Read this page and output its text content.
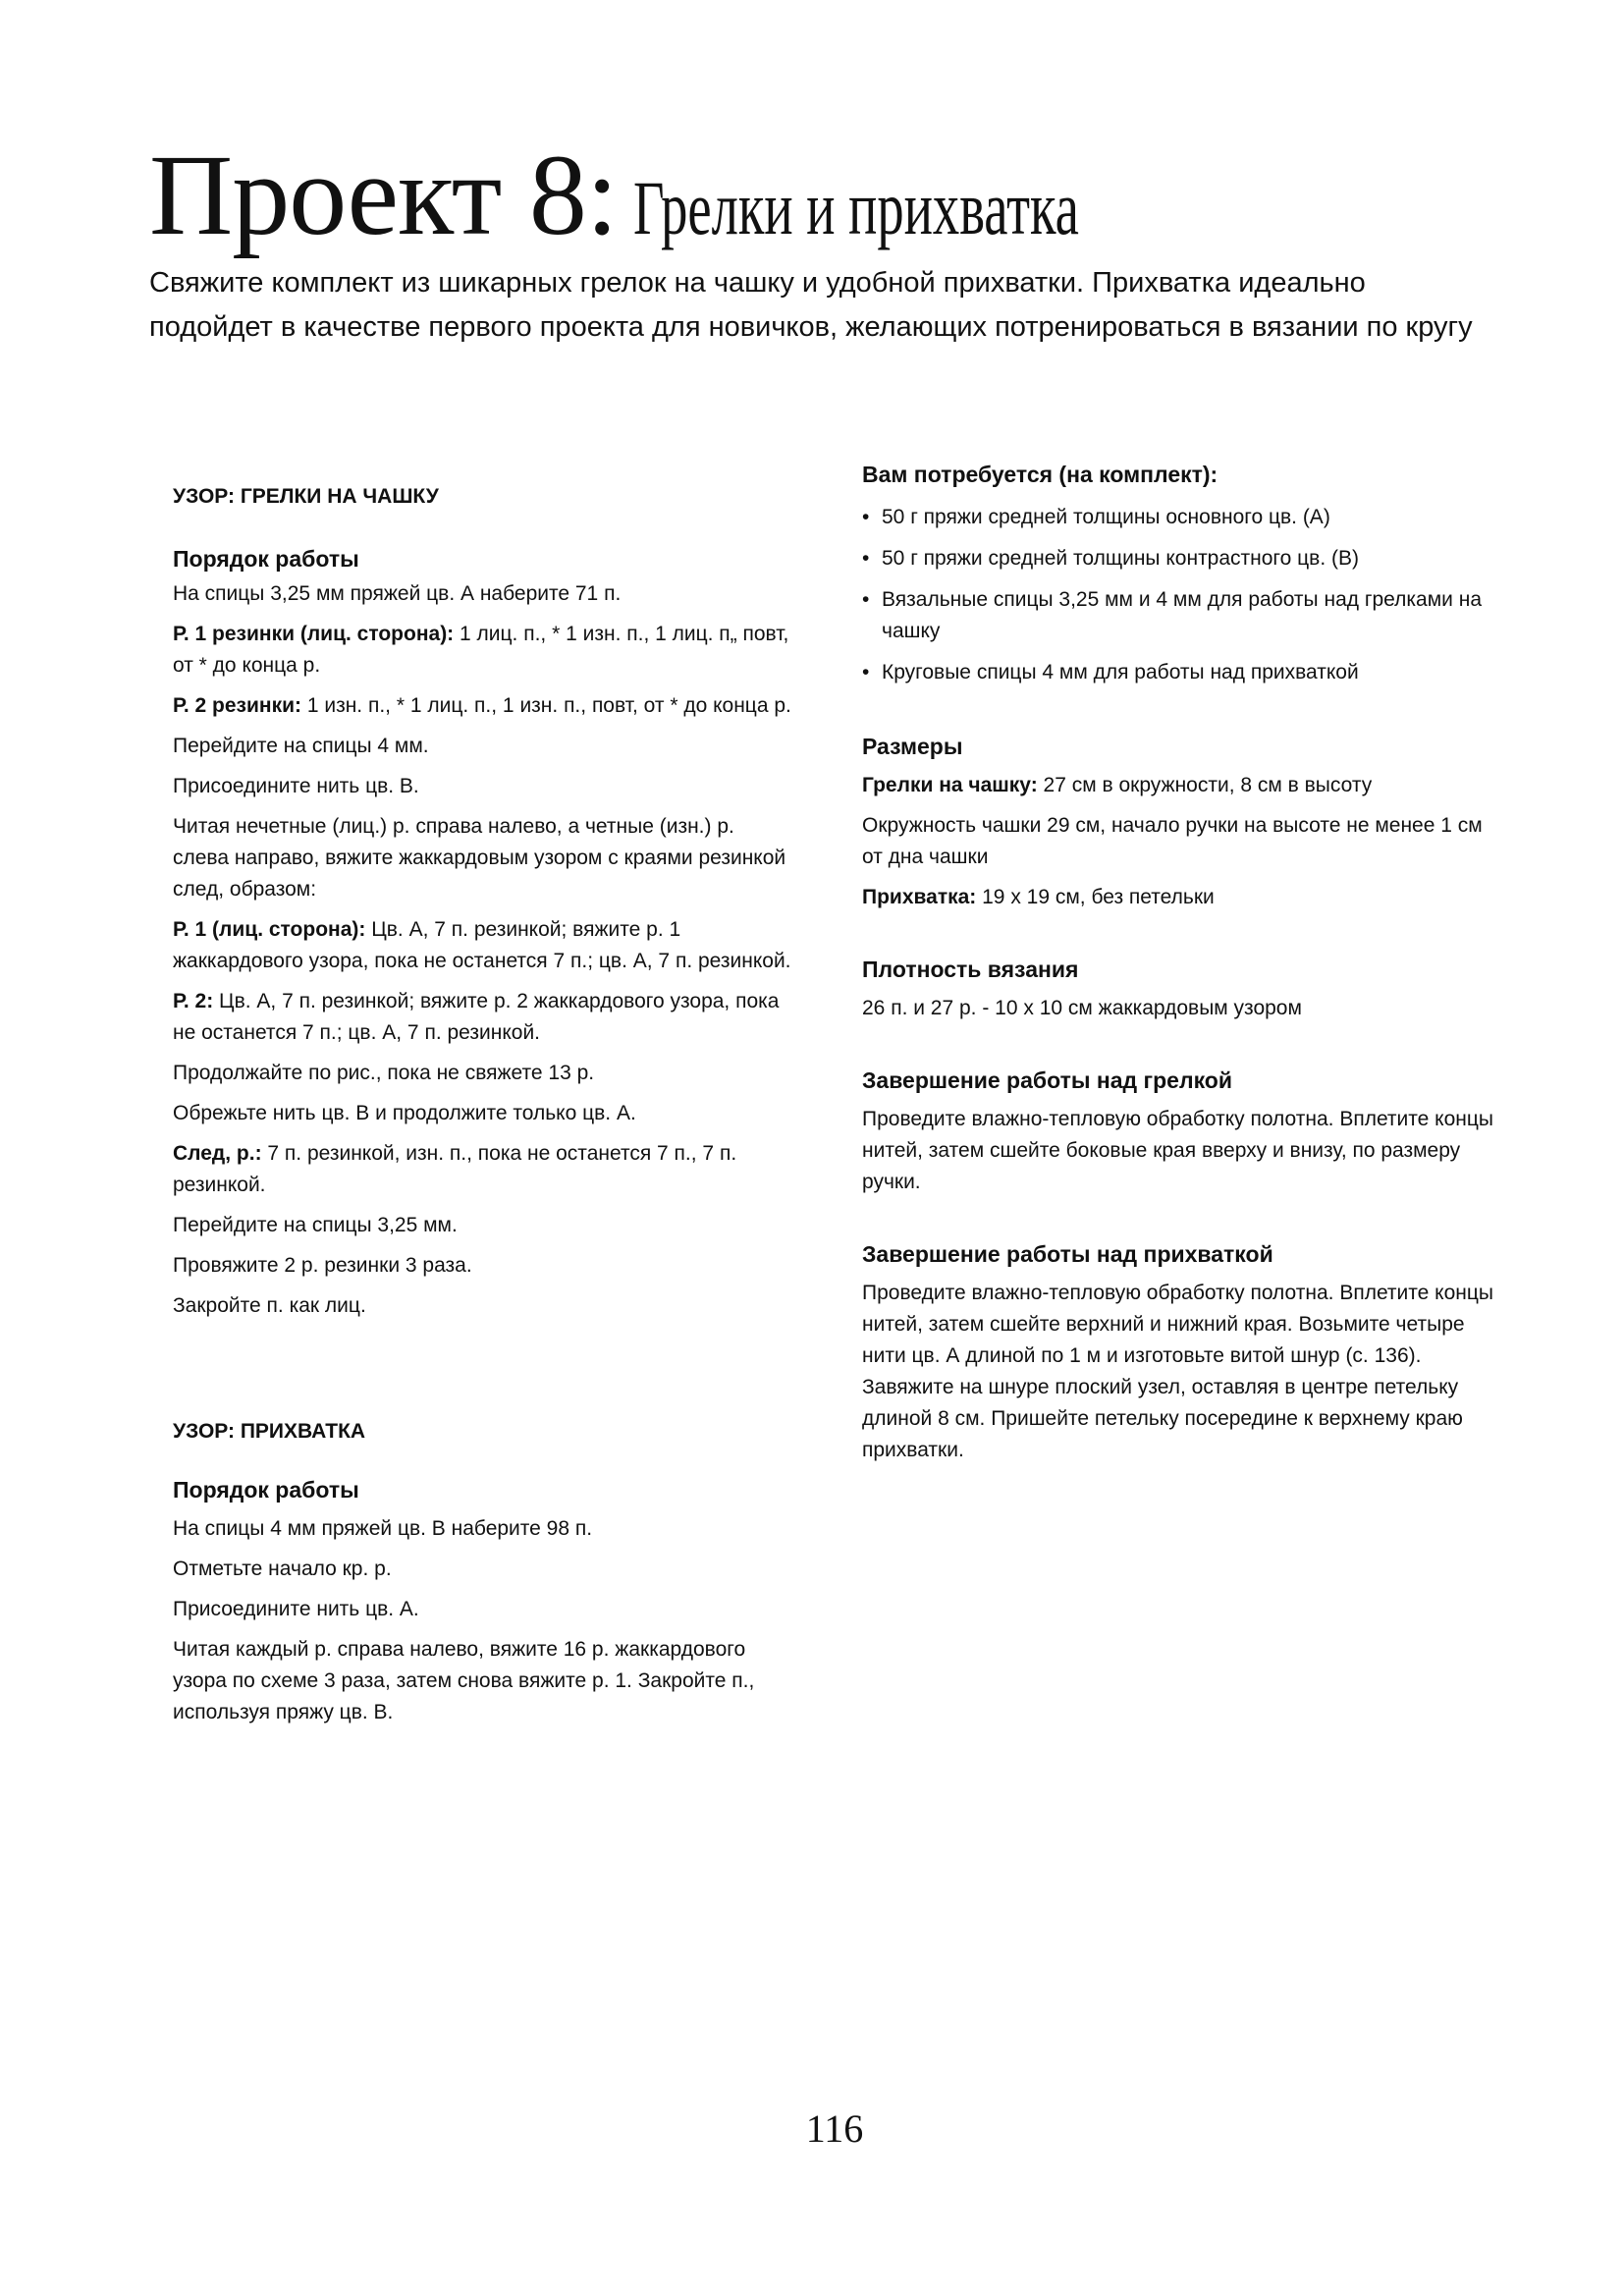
Проект 8: Грелки и прихватка

Свяжите комплект из шикарных грелок на чашку и удобной прихватки. Прихватка идеально подойдет в качестве первого проекта для новичков, желающих потренироваться в вязании по кругу

УЗОР: ГРЕЛКИ НА ЧАШКУ

Порядок работы

На спицы 3,25 мм пряжей цв. А наберите 71 п.

Р. 1 резинки (лиц. сторона): 1 лиц. п., * 1 изн. п., 1 лиц. п„ повт, от * до конца р.

Р. 2 резинки: 1 изн. п., * 1 лиц. п., 1 изн. п., повт, от * до конца р.

Перейдите на спицы 4 мм.

Присоедините нить цв. В.

Читая нечетные (лиц.) р. справа налево, а четные (изн.) р. слева направо, вяжите жаккардовым узором с краями резинкой след, образом:

Р. 1 (лиц. сторона): Цв. А, 7 п. резинкой; вяжите р. 1 жаккардового узора, пока не останется 7 п.; цв. А, 7 п. резинкой.

Р. 2: Цв. А, 7 п. резинкой; вяжите р. 2 жаккардового узора, пока не останется 7 п.; цв. А, 7 п. резинкой.

Продолжайте по рис., пока не свяжете 13 р.

Обрежьте нить цв. В и продолжите только цв. А.

След, р.: 7 п. резинкой, изн. п., пока не останется 7 п., 7 п. резинкой.

Перейдите на спицы 3,25 мм.

Провяжите 2 р. резинки 3 раза.

Закройте п. как лиц.

УЗОР: ПРИХВАТКА

Порядок работы

На спицы 4 мм пряжей цв. В наберите 98 п.

Отметьте начало кр. р.

Присоедините нить цв. А.

Читая каждый р. справа налево, вяжите 16 р. жаккардового узора по схеме 3 раза, затем снова вяжите р. 1. Закройте п., используя пряжу цв. В.

Вам потребуется (на комплект):

• 50 г пряжи средней толщины основного цв. (А)
• 50 г пряжи средней толщины контрастного цв. (В)
• Вязальные спицы 3,25 мм и 4 мм для работы над грелками на чашку
• Круговые спицы 4 мм для работы над прихваткой

Размеры

Грелки на чашку: 27 см в окружности, 8 см в высоту

Окружность чашки 29 см, начало ручки на высоте не менее 1 см от дна чашки

Прихватка: 19 х 19 см, без петельки

Плотность вязания

26 п. и 27 р. - 10 х 10 см жаккардовым узором

Завершение работы над грелкой

Проведите влажно-тепловую обработку полотна. Вплетите концы нитей, затем сшейте боковые края вверху и внизу, по размеру ручки.

Завершение работы над прихваткой

Проведите влажно-тепловую обработку полотна. Вплетите концы нитей, затем сшейте верхний и нижний края. Возьмите четыре нити цв. А длиной по 1 м и изготовьте витой шнур (с. 136). Завяжите на шнуре плоский узел, оставляя в центре петельку длиной 8 см. Пришейте петельку посередине к верхнему краю прихватки.

116
